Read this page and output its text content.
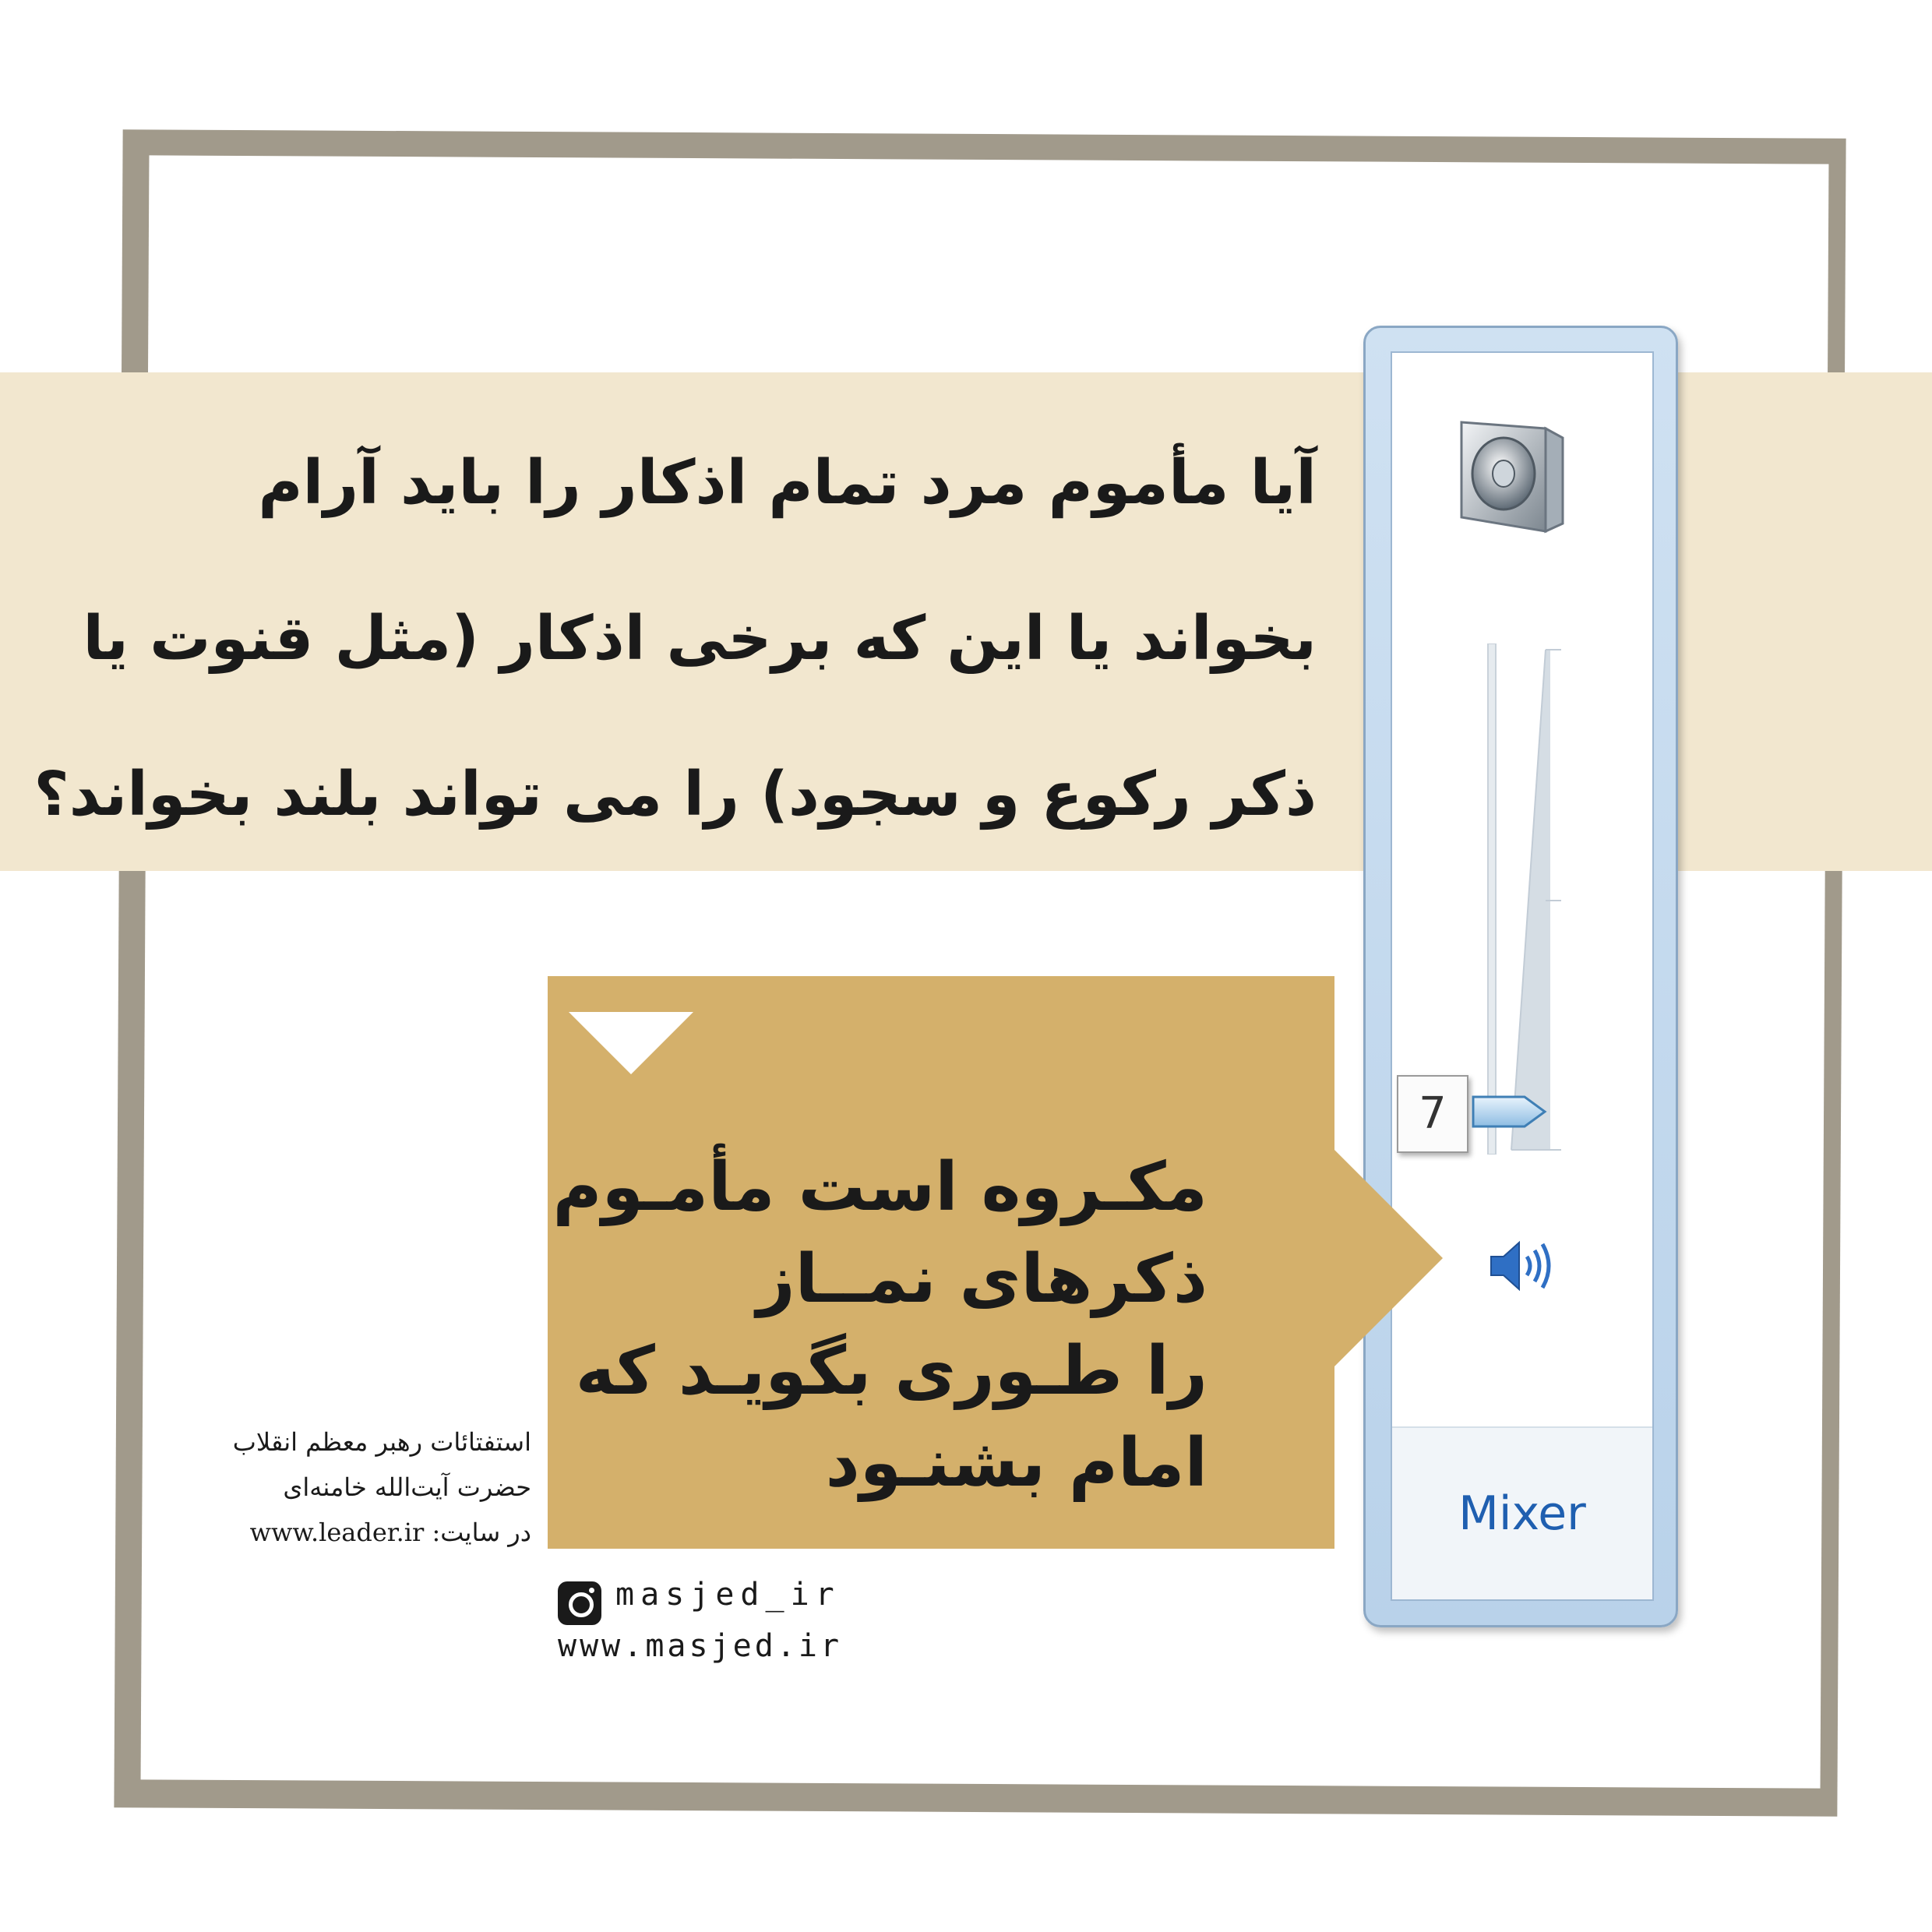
آیا مأموم مرد تمام اذکار را باید آرام
بخواند یا این که برخی اذکار (مثل قنوت یا
ذکر رکوع و سجود) را می تواند بلند بخواند؟
Mixer
7
مکـروه است مأمـوم
ذکرهای نمــاز
را طـوری بگویـد که
امام بشنـود
استفتائات رهبر معظم انقلاب
حضرت آیت‌الله خامنه‌ای
در سایت: www.leader.ir
masjed_ir
www.masjed.ir
